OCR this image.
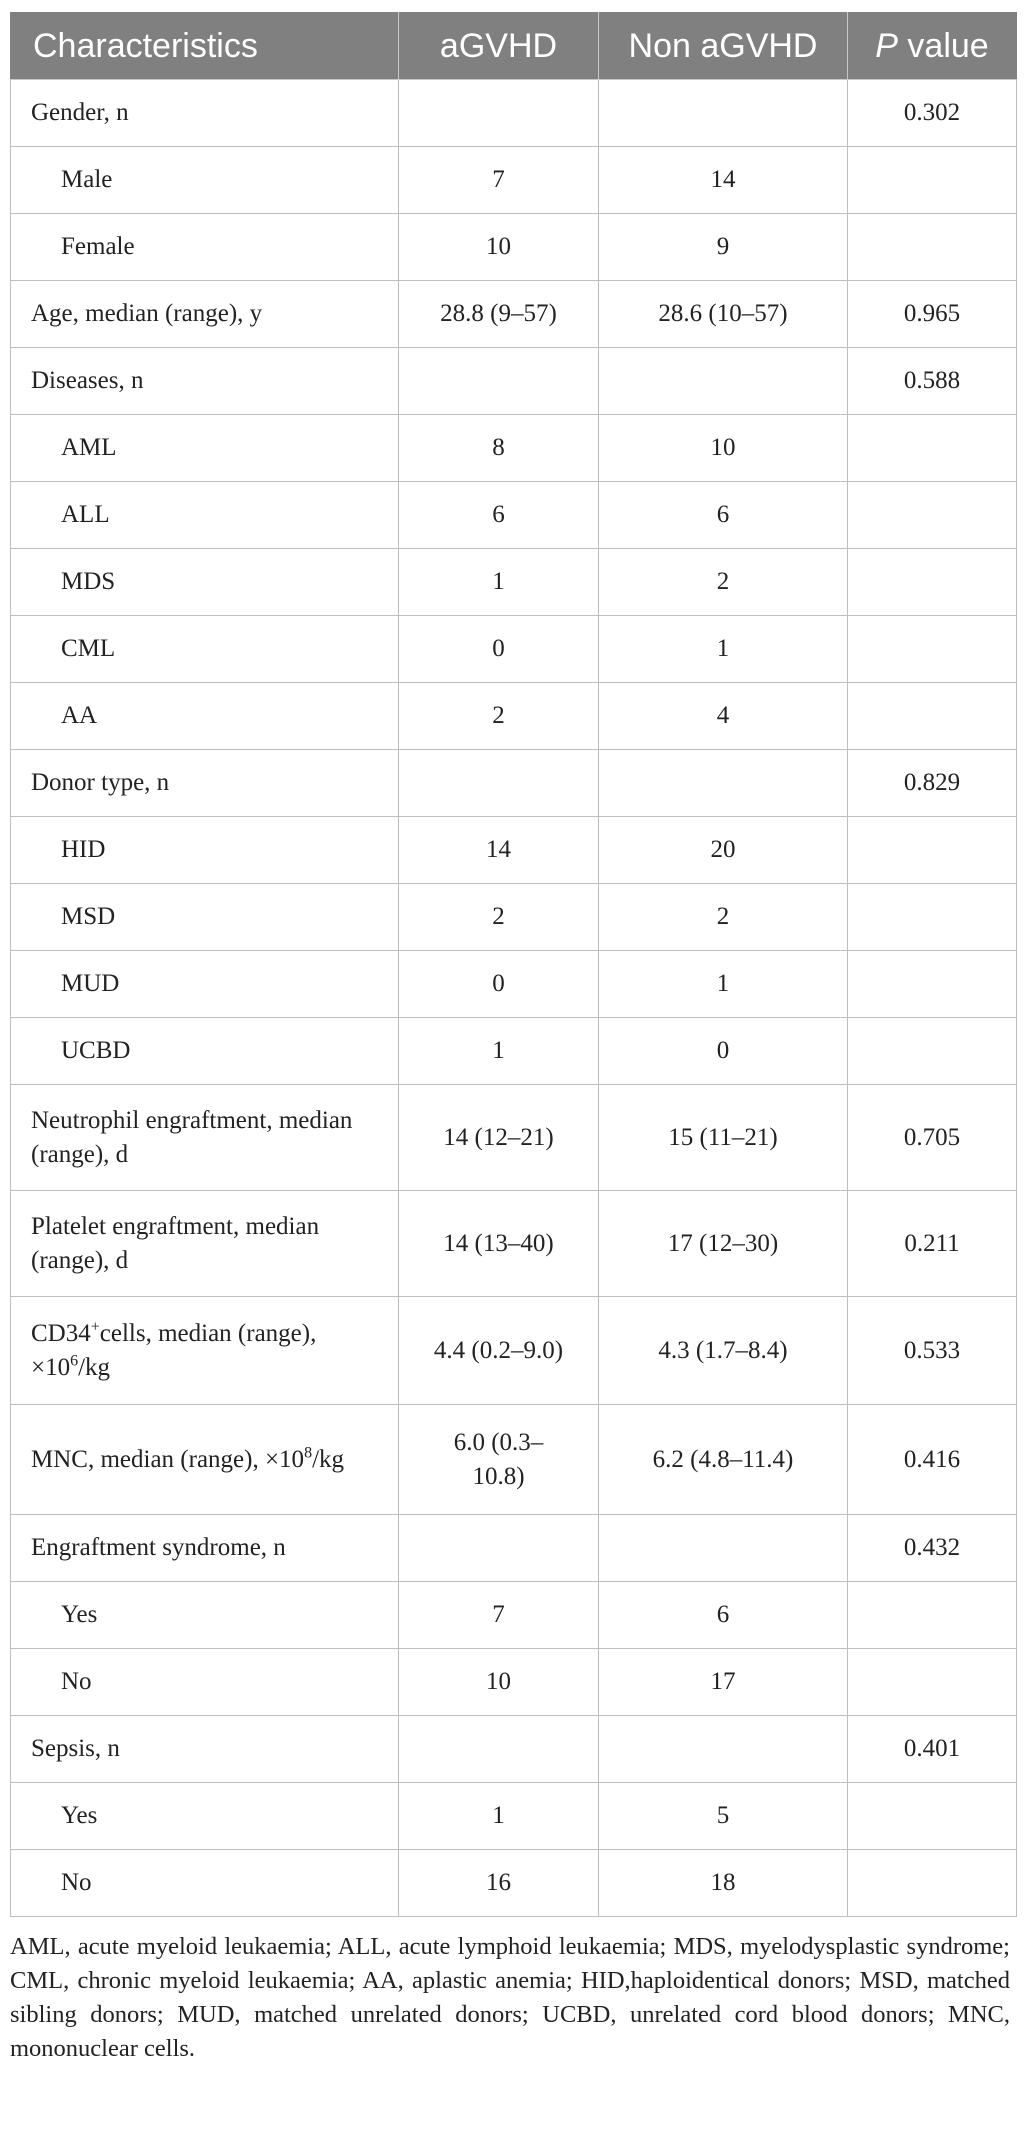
Characteristics	aGVHD	Non aGVHD	P value
Gender, n			0.302
Male	7	14	
Female	10	9	
Age, median (range), y	28.8 (9–57)	28.6 (10–57)	0.965
Diseases, n			0.588
AML	8	10	
ALL	6	6	
MDS	1	2	
CML	0	1	
AA	2	4	
Donor type, n			0.829
HID	14	20	
MSD	2	2	
MUD	0	1	
UCBD	1	0	
Neutrophil engraftment, median (range), d	14 (12–21)	15 (11–21)	0.705
Platelet engraftment, median (range), d	14 (13–40)	17 (12–30)	0.211
CD34+cells, median (range), $\times 10^6/kg$	4.4 (0.2–9.0)	4.3 (1.7–8.4)	0.533
MNC, median (range), $\times 10^8/kg$	6.0 (0.3–10.8)	6.2 (4.8–11.4)	0.416
Engraftment syndrome, n			0.432
Yes	7	6	
No	10	17	
Sepsis, n			0.401
Yes	1	5	
No	16	18	
AML, acute myeloid leukaemia; ALL, acute lymphoid leukaemia; MDS, myelodysplastic syndrome; CML, chronic myeloid leukaemia; AA, aplastic anemia; HID,haploidentical donors; MSD, matched sibling donors; MUD, matched unrelated donors; UCBD, unrelated cord blood donors; MNC, mononuclear cells.
